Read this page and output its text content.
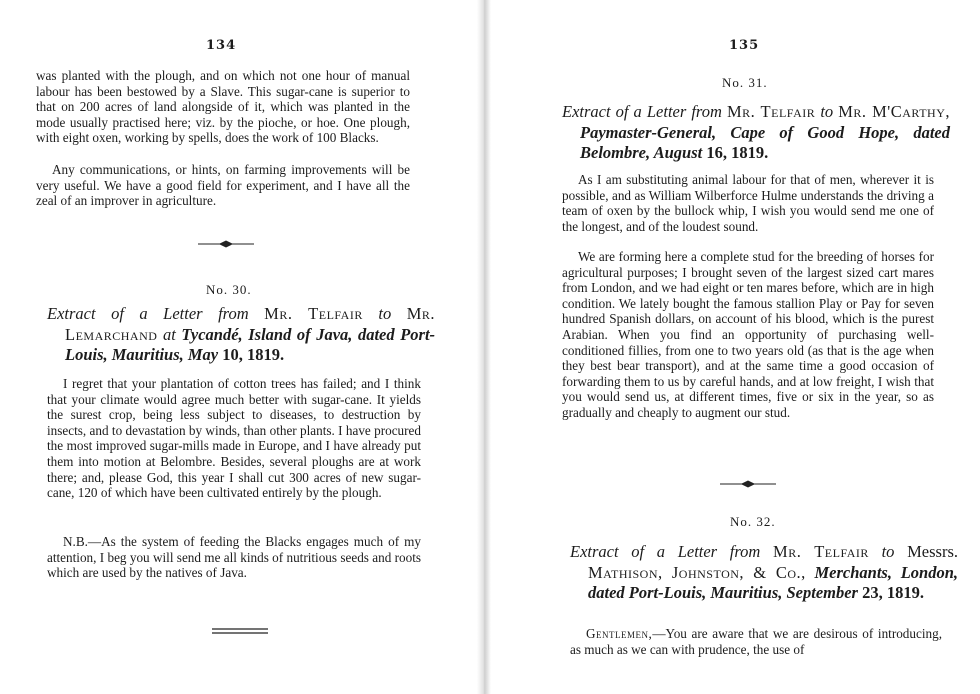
134

was planted with the plough, and on which not one hour of manual labour has been bestowed by a Slave. This sugar-cane is superior to that on 200 acres of land alongside of it, which was planted in the mode usually practised here; viz. by the pioche, or hoe. One plough, with eight oxen, working by spells, does the work of 100 Blacks.

Any communications, or hints, on farming improvements will be very useful. We have a good field for experiment, and I have all the zeal of an improver in agriculture.

No. 30.

Extract of a Letter from Mr. Telfair to Mr. Lemarchand at Tycandé, Island of Java, dated Port-Louis, Mauritius, May 10, 1819.

I regret that your plantation of cotton trees has failed; and I think that your climate would agree much better with sugar-cane. It yields the surest crop, being less subject to diseases, to destruction by insects, and to devastation by winds, than other plants. I have procured the most improved sugar-mills made in Europe, and I have already put them into motion at Belombre. Besides, several ploughs are at work there; and, please God, this year I shall cut 300 acres of new sugar-cane, 120 of which have been cultivated entirely by the plough.

N.B.—As the system of feeding the Blacks engages much of my attention, I beg you will send me all kinds of nutritious seeds and roots which are used by the natives of Java.

135
No. 31.

Extract of a Letter from Mr. Telfair to Mr. M'Carthy, Paymaster-General, Cape of Good Hope, dated Belombre, August 16, 1819.

As I am substituting animal labour for that of men, wherever it is possible, and as William Wilberforce Hulme understands the driving a team of oxen by the bullock whip, I wish you would send me one of the longest, and of the loudest sound.

We are forming here a complete stud for the breeding of horses for agricultural purposes; I brought seven of the largest sized cart mares from London, and we had eight or ten mares before, which are in high condition. We lately bought the famous stallion Play or Pay for seven hundred Spanish dollars, on account of his blood, which is the purest Arabian. When you find an opportunity of purchasing well-conditioned fillies, from one to two years old (as that is the age when they best bear transport), and at the same time a good occasion of forwarding them to us by careful hands, and at low freight, I wish that you would send us, at different times, five or six in the year, so as gradually and cheaply to augment our stud.

No. 32.

Extract of a Letter from Mr. Telfair to Messrs. Mathison, Johnston, & Co., Merchants, London, dated Port-Louis, Mauritius, September 23, 1819.

Gentlemen,—You are aware that we are desirous of introducing, as much as we can with prudence, the use of
